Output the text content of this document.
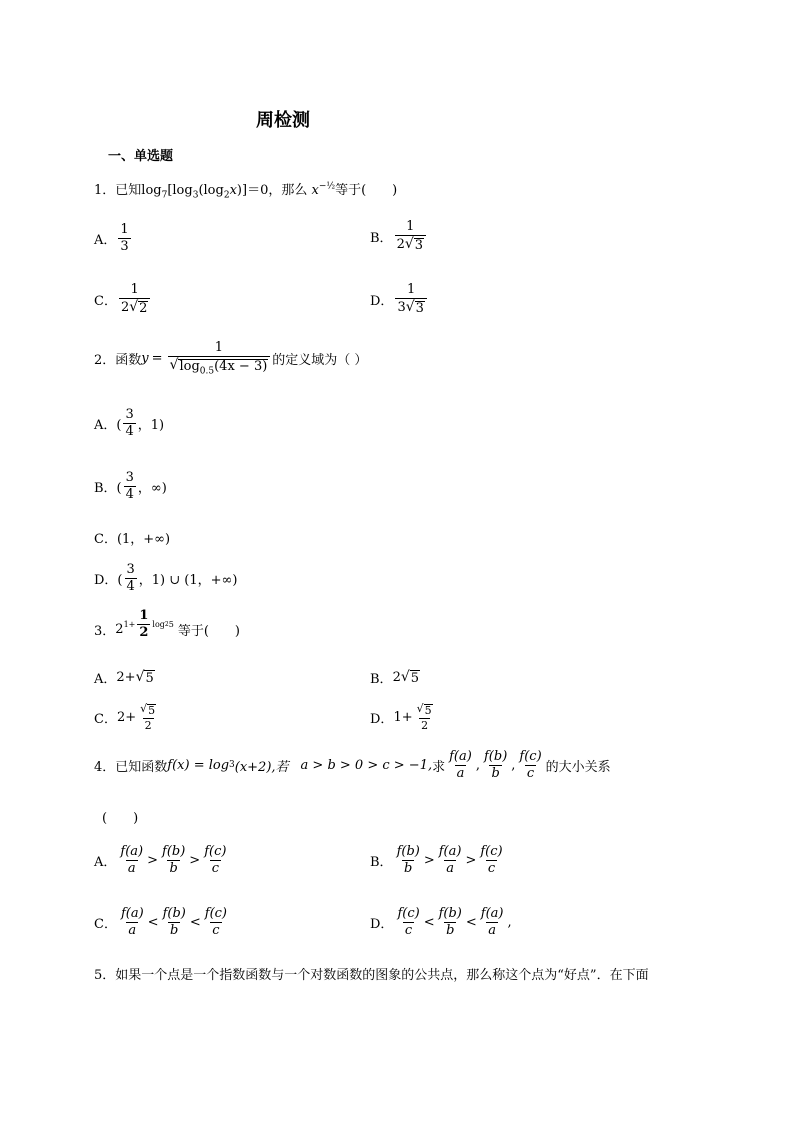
周检测
一、单选题
1．已知$\log_7[\log_3(\log_2x)]=0$，那么 $x^{-\frac{1}{2}}$等于(　　)
A． $\frac{1}{3}$	B． $\frac{1}{2 √ 3}$
C． $\frac{1}{2 √ 2}$	D． $\frac{1}{3 √ 3}$
2．函数 $y = \frac{1}{√ \log_{0.5}(4x - 3)}$ 的定义域为（ ）
A．( $\frac{3}{4}$ ，1)
B．( $\frac{3}{4}$ ，∞)
C．(1，+∞)
D．( $\frac{3}{4}$ ，1) ∪ (1，+∞)
3． 2 $1+ \frac{1}{2}$ log 2 5 等于(　　)
A． 2+ √ 5	B． 2 √ 5
C． $2+ \frac{√ 5}{2}$	D． $1+ \frac{√ 5}{2}$
4．已知函数 f(x) = log 3 (x+2),若 a > b > 0 > c > −1, 求 $\frac{f(a)}{a}$ , $\frac{f(b)}{b}$ , $\frac{f(c)}{c}$ 的大小关系
(　　)
A． $\frac{f(a)}{a} > \frac{f(b)}{b} > \frac{f(c)}{c}$	B． $\frac{f(b)}{b} > \frac{f(a)}{a} > \frac{f(c)}{c}$
C． $\frac{f(a)}{a} < \frac{f(b)}{b} < \frac{f(c)}{c}$	D． $\frac{f(c)}{c} < \frac{f(b)}{b} < \frac{f(a)}{a}$ ,
5．如果一个点是一个指数函数与一个对数函数的图象的公共点，那么称这个点为“好点”．在下面
